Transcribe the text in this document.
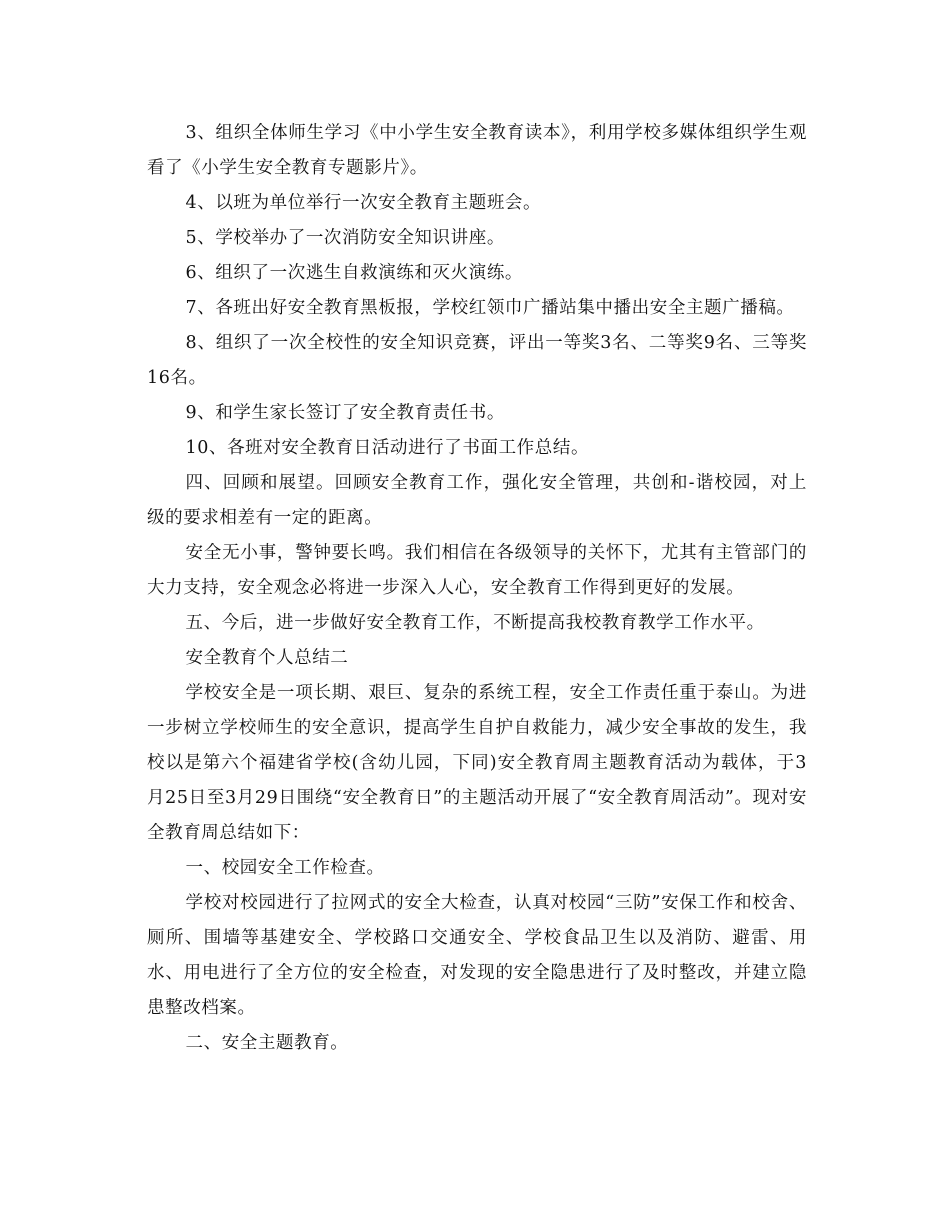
3、组织全体师生学习《中小学生安全教育读本》，利用学校多媒体组织学生观看了《小学生安全教育专题影片》。

4、以班为单位举行一次安全教育主题班会。

5、学校举办了一次消防安全知识讲座。

6、组织了一次逃生自救演练和灭火演练。

7、各班出好安全教育黑板报，学校红领巾广播站集中播出安全主题广播稿。

8、组织了一次全校性的安全知识竞赛，评出一等奖3名、二等奖9名、三等奖16名。

9、和学生家长签订了安全教育责任书。

10、各班对安全教育日活动进行了书面工作总结。

四、回顾和展望。回顾安全教育工作，强化安全管理，共创和-谐校园，对上级的要求相差有一定的距离。

安全无小事，警钟要长鸣。我们相信在各级领导的关怀下，尤其有主管部门的大力支持，安全观念必将进一步深入人心，安全教育工作得到更好的发展。

五、今后，进一步做好安全教育工作，不断提高我校教育教学工作水平。

安全教育个人总结二

学校安全是一项长期、艰巨、复杂的系统工程，安全工作责任重于泰山。为进一步树立学校师生的安全意识，提高学生自护自救能力，减少安全事故的发生，我校以是第六个福建省学校(含幼儿园，下同)安全教育周主题教育活动为载体，于3月25日至3月29日围绕“安全教育日”的主题活动开展了“安全教育周活动”。现对安全教育周总结如下：

一、校园安全工作检查。

学校对校园进行了拉网式的安全大检查，认真对校园“三防”安保工作和校舍、厕所、围墙等基建安全、学校路口交通安全、学校食品卫生以及消防、避雷、用水、用电进行了全方位的安全检查，对发现的安全隐患进行了及时整改，并建立隐患整改档案。

二、安全主题教育。
